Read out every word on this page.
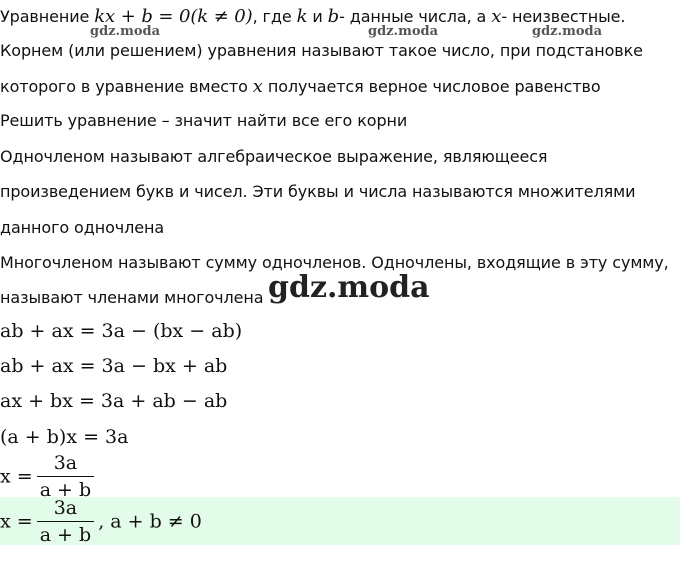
Уравнение kx + b = 0(k ≠ 0), где k и b- данные числа, а x- неизвестные.
gdz.moda	gdz.moda	gdz.moda
Корнем (или решением) уравнения называют такое число, при подстановке
которого в уравнение вместо x получается верное числовое равенство
Решить уравнение – значит найти все его корни
Одночленом называют алгебраическое выражение, являющееся
произведением букв и чисел. Эти буквы и числа называются множителями
данного одночлена
Многочленом называют сумму одночленов. Одночлены, входящие в эту сумму,
называют членами многочлена gdz.moda
ab + ax = 3a − (bx − ab)
ab + ax = 3a − bx + ab
ax + bx = 3a + ab − ab
(a + b)x = 3a
$x = \frac{3a}{a + b}$
$x = \frac{3a}{a + b}$ , a + b ≠ 0
